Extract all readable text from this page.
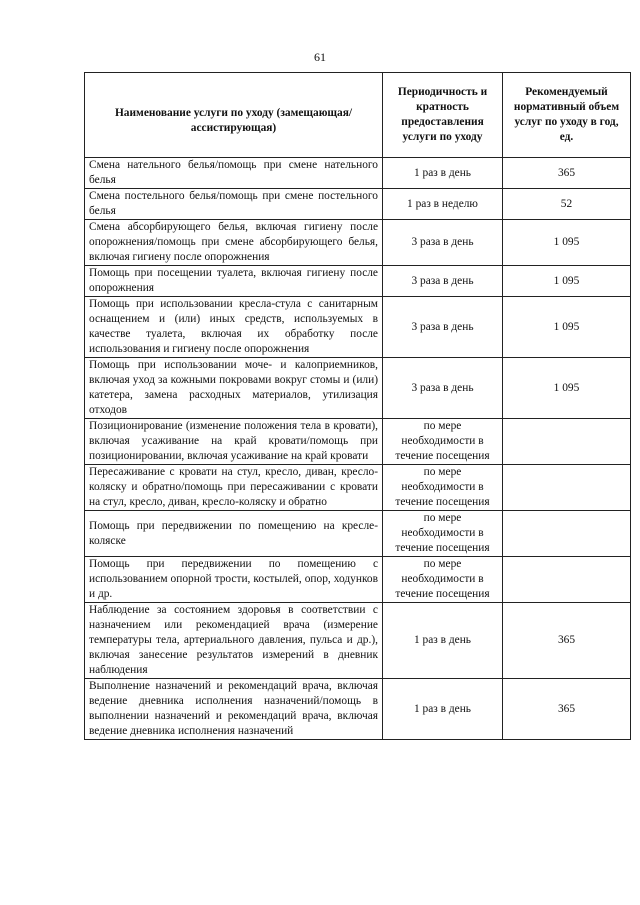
61
Наименование услуги по уходу (замещающая/ассистирующая)	Периодичность и кратность предоставления услуги по уходу	Рекомендуемый нормативный объем услуг по уходу в год, ед.
Смена нательного белья/помощь при смене нательного белья	1 раз в день	365
Смена постельного белья/помощь при смене постельного белья	1 раз в неделю	52
Смена абсорбирующего белья, включая гигиену после опорожнения/помощь при смене абсорбирующего белья, включая гигиену после опорожнения	3 раза в день	1 095
Помощь при посещении туалета, включая гигиену после опорожнения	3 раза в день	1 095
Помощь при использовании кресла-стула с санитарным оснащением и (или) иных средств, используемых в качестве туалета, включая их обработку после использования и гигиену после опорожнения	3 раза в день	1 095
Помощь при использовании моче- и калоприемников, включая уход за кожными покровами вокруг стомы и (или) катетера, замена расходных материалов, утилизация отходов	3 раза в день	1 095
Позиционирование (изменение положения тела в кровати), включая усаживание на край кровати/помощь при позиционировании, включая усаживание на край кровати	по мере необходимости в течение посещения	
Пересаживание с кровати на стул, кресло, диван, кресло-коляску и обратно/помощь при пересаживании с кровати на стул, кресло, диван, кресло-коляску и обратно	по мере необходимости в течение посещения	
Помощь при передвижении по помещению на кресле-коляске	по мере необходимости в течение посещения	
Помощь при передвижении по помещению с использованием опорной трости, костылей, опор, ходунков и др.	по мере необходимости в течение посещения	
Наблюдение за состоянием здоровья в соответствии с назначением или рекомендацией врача (измерение температуры тела, артериального давления, пульса и др.), включая занесение результатов измерений в дневник наблюдения	1 раз в день	365
Выполнение назначений и рекомендаций врача, включая ведение дневника исполнения назначений/помощь в выполнении назначений и рекомендаций врача, включая ведение дневника исполнения назначений	1 раз в день	365
